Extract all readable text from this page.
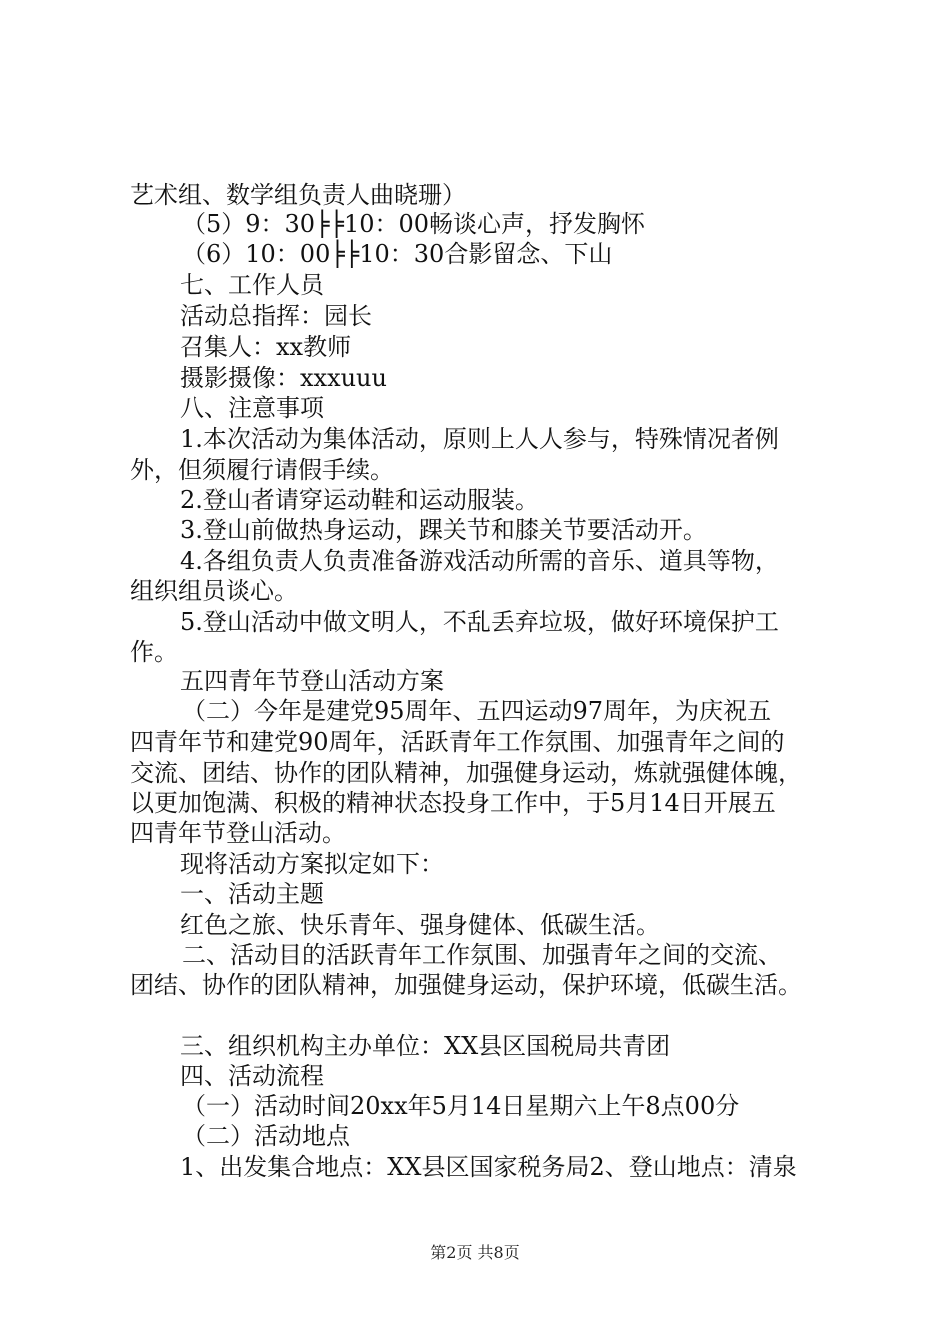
艺术组、数学组负责人曲晓珊）
（5）9：30╞╞10：00畅谈心声，抒发胸怀
（6）10：00╞╞10：30合影留念、下山
七、工作人员
活动总指挥：园长
召集人：xx教师
摄影摄像：xxxuuu
八、注意事项
1.本次活动为集体活动，原则上人人参与，特殊情况者例
外，但须履行请假手续。
2.登山者请穿运动鞋和运动服装。
3.登山前做热身运动，踝关节和膝关节要活动开。
4.各组负责人负责准备游戏活动所需的音乐、道具等物，
组织组员谈心。
5.登山活动中做文明人，不乱丢弃垃圾，做好环境保护工
作。
五四青年节登山活动方案
（二）今年是建党95周年、五四运动97周年，为庆祝五
四青年节和建党90周年，活跃青年工作氛围、加强青年之间的
交流、团结、协作的团队精神，加强健身运动，炼就强健体魄，
以更加饱满、积极的精神状态投身工作中，于5月14日开展五
四青年节登山活动。
现将活动方案拟定如下：
一、活动主题
红色之旅、快乐青年、强身健体、低碳生活。
二、活动目的活跃青年工作氛围、加强青年之间的交流、
团结、协作的团队精神，加强健身运动，保护环境，低碳生活。
三、组织机构主办单位：XX县区国税局共青团
四、活动流程
（一）活动时间20xx年5月14日星期六上午8点00分
（二）活动地点
1、出发集合地点：XX县区国家税务局2、登山地点：清泉
第2页 共8页
